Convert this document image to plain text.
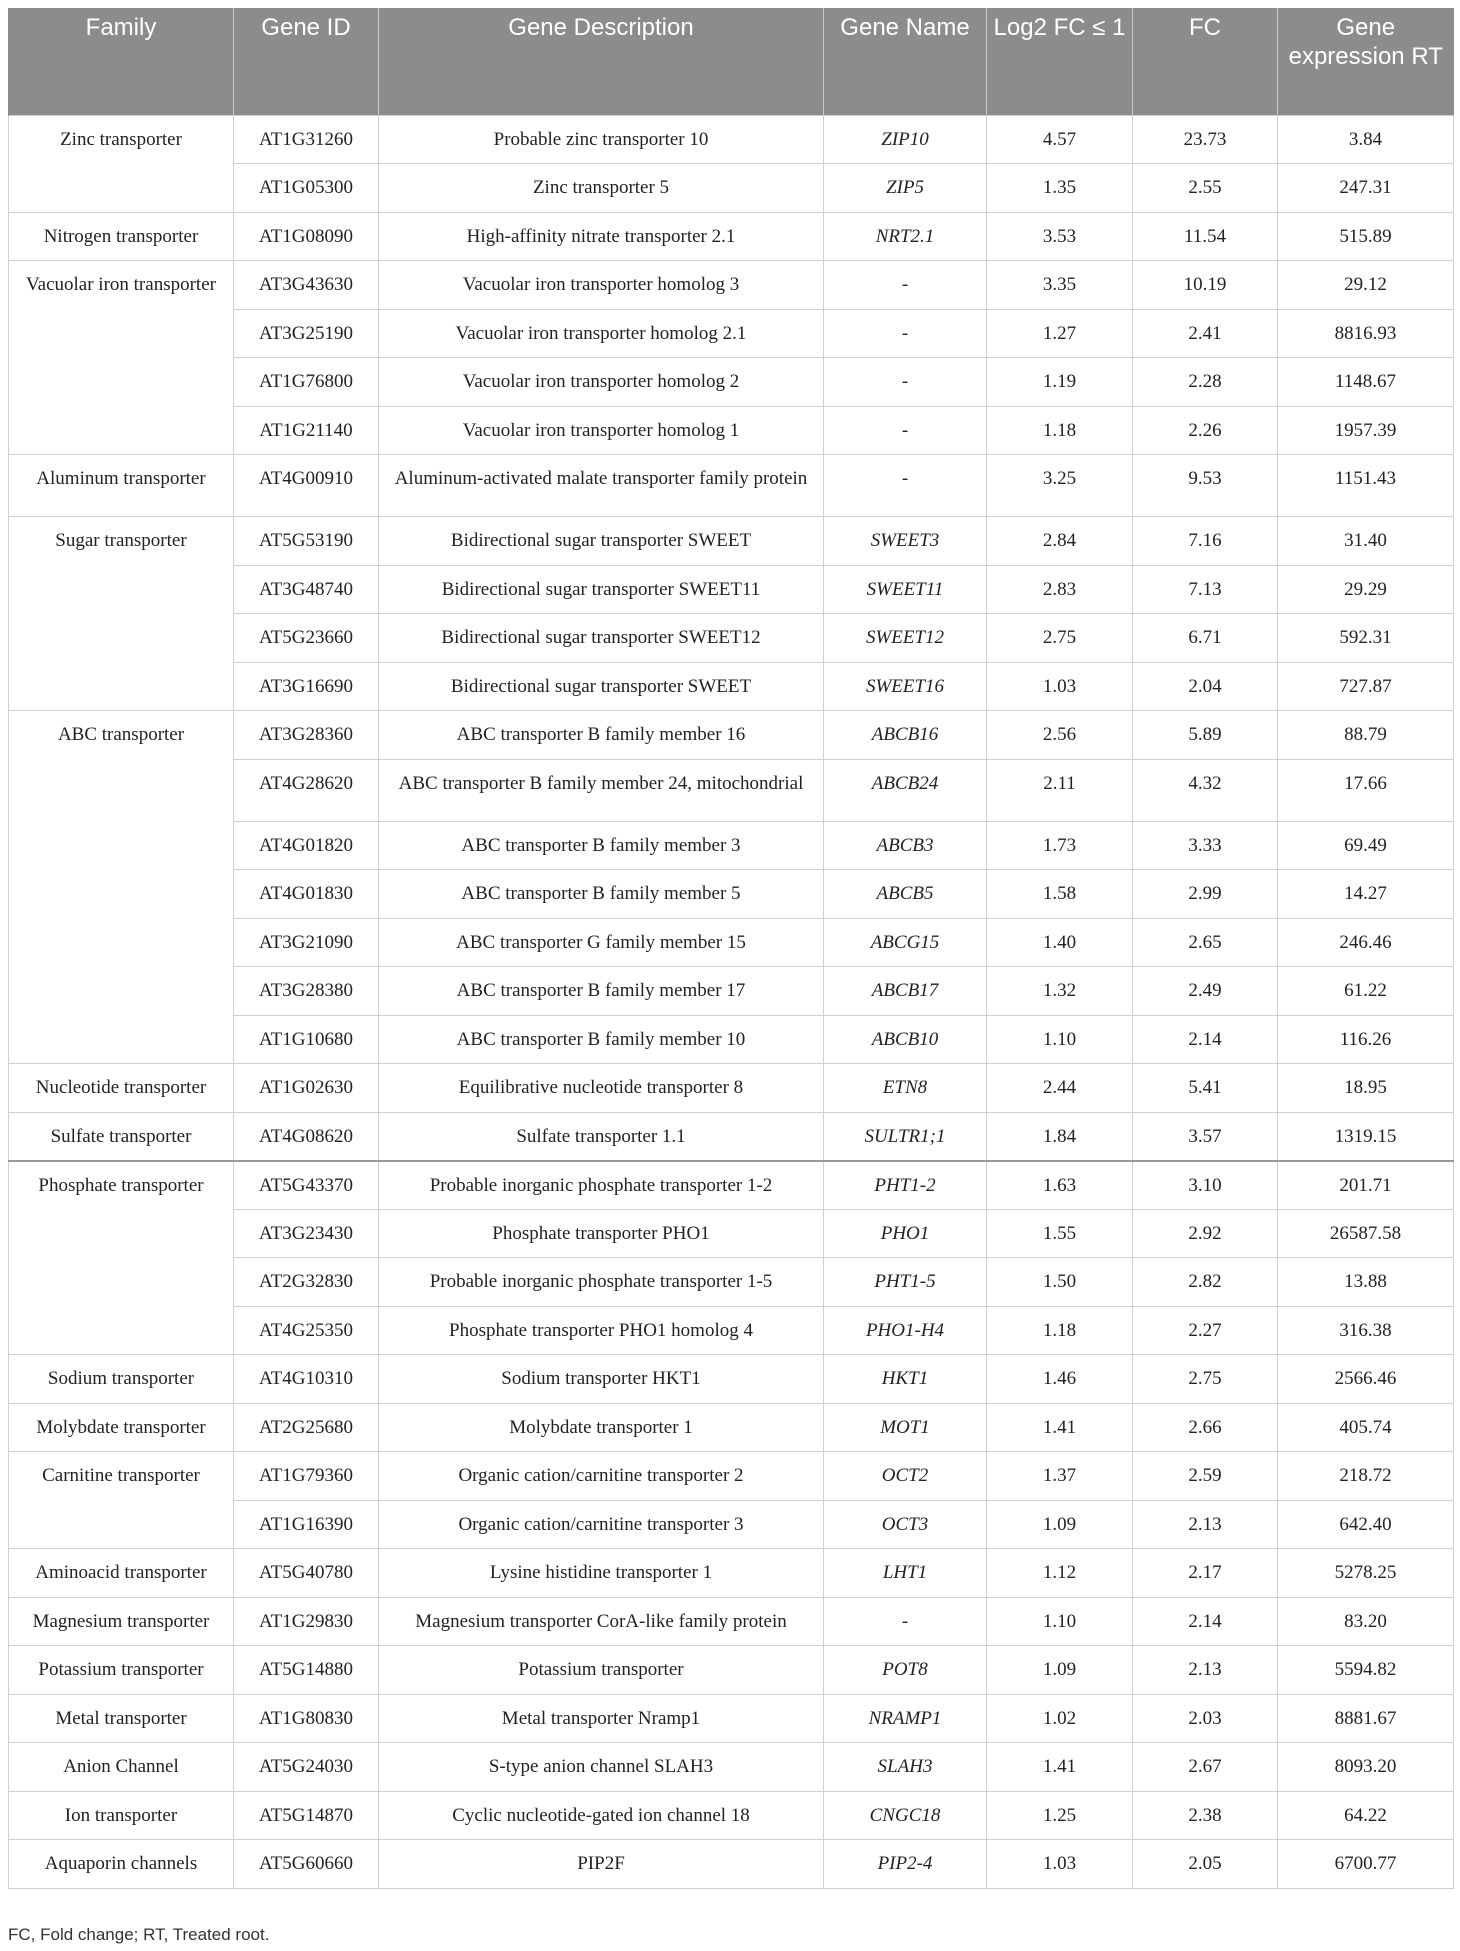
Family	Gene ID	Gene Description	Gene Name	Log2 FC ≤ 1	FC	Gene expression RT
Zinc transporter	AT1G31260	Probable zinc transporter 10	ZIP10	4.57	23.73	3.84
	AT1G05300	Zinc transporter 5	ZIP5	1.35	2.55	247.31
Nitrogen transporter	AT1G08090	High-affinity nitrate transporter 2.1	NRT2.1	3.53	11.54	515.89
Vacuolar iron transporter	AT3G43630	Vacuolar iron transporter homolog 3	-	3.35	10.19	29.12
	AT3G25190	Vacuolar iron transporter homolog 2.1	-	1.27	2.41	8816.93
	AT1G76800	Vacuolar iron transporter homolog 2	-	1.19	2.28	1148.67
	AT1G21140	Vacuolar iron transporter homolog 1	-	1.18	2.26	1957.39
Aluminum transporter	AT4G00910	Aluminum-activated malate transporter family protein	-	3.25	9.53	1151.43
Sugar transporter	AT5G53190	Bidirectional sugar transporter SWEET	SWEET3	2.84	7.16	31.40
	AT3G48740	Bidirectional sugar transporter SWEET11	SWEET11	2.83	7.13	29.29
	AT5G23660	Bidirectional sugar transporter SWEET12	SWEET12	2.75	6.71	592.31
	AT3G16690	Bidirectional sugar transporter SWEET	SWEET16	1.03	2.04	727.87
ABC transporter	AT3G28360	ABC transporter B family member 16	ABCB16	2.56	5.89	88.79
	AT4G28620	ABC transporter B family member 24, mitochondrial	ABCB24	2.11	4.32	17.66
	AT4G01820	ABC transporter B family member 3	ABCB3	1.73	3.33	69.49
	AT4G01830	ABC transporter B family member 5	ABCB5	1.58	2.99	14.27
	AT3G21090	ABC transporter G family member 15	ABCG15	1.40	2.65	246.46
	AT3G28380	ABC transporter B family member 17	ABCB17	1.32	2.49	61.22
	AT1G10680	ABC transporter B family member 10	ABCB10	1.10	2.14	116.26
Nucleotide transporter	AT1G02630	Equilibrative nucleotide transporter 8	ETN8	2.44	5.41	18.95
Sulfate transporter	AT4G08620	Sulfate transporter 1.1	SULTR1;1	1.84	3.57	1319.15
Phosphate transporter	AT5G43370	Probable inorganic phosphate transporter 1-2	PHT1-2	1.63	3.10	201.71
	AT3G23430	Phosphate transporter PHO1	PHO1	1.55	2.92	26587.58
	AT2G32830	Probable inorganic phosphate transporter 1-5	PHT1-5	1.50	2.82	13.88
	AT4G25350	Phosphate transporter PHO1 homolog 4	PHO1-H4	1.18	2.27	316.38
Sodium transporter	AT4G10310	Sodium transporter HKT1	HKT1	1.46	2.75	2566.46
Molybdate transporter	AT2G25680	Molybdate transporter 1	MOT1	1.41	2.66	405.74
Carnitine transporter	AT1G79360	Organic cation/carnitine transporter 2	OCT2	1.37	2.59	218.72
	AT1G16390	Organic cation/carnitine transporter 3	OCT3	1.09	2.13	642.40
Aminoacid transporter	AT5G40780	Lysine histidine transporter 1	LHT1	1.12	2.17	5278.25
Magnesium transporter	AT1G29830	Magnesium transporter CorA-like family protein	-	1.10	2.14	83.20
Potassium transporter	AT5G14880	Potassium transporter	POT8	1.09	2.13	5594.82
Metal transporter	AT1G80830	Metal transporter Nramp1	NRAMP1	1.02	2.03	8881.67
Anion Channel	AT5G24030	S-type anion channel SLAH3	SLAH3	1.41	2.67	8093.20
Ion transporter	AT5G14870	Cyclic nucleotide-gated ion channel 18	CNGC18	1.25	2.38	64.22
Aquaporin channels	AT5G60660	PIP2F	PIP2-4	1.03	2.05	6700.77
FC, Fold change; RT, Treated root.
